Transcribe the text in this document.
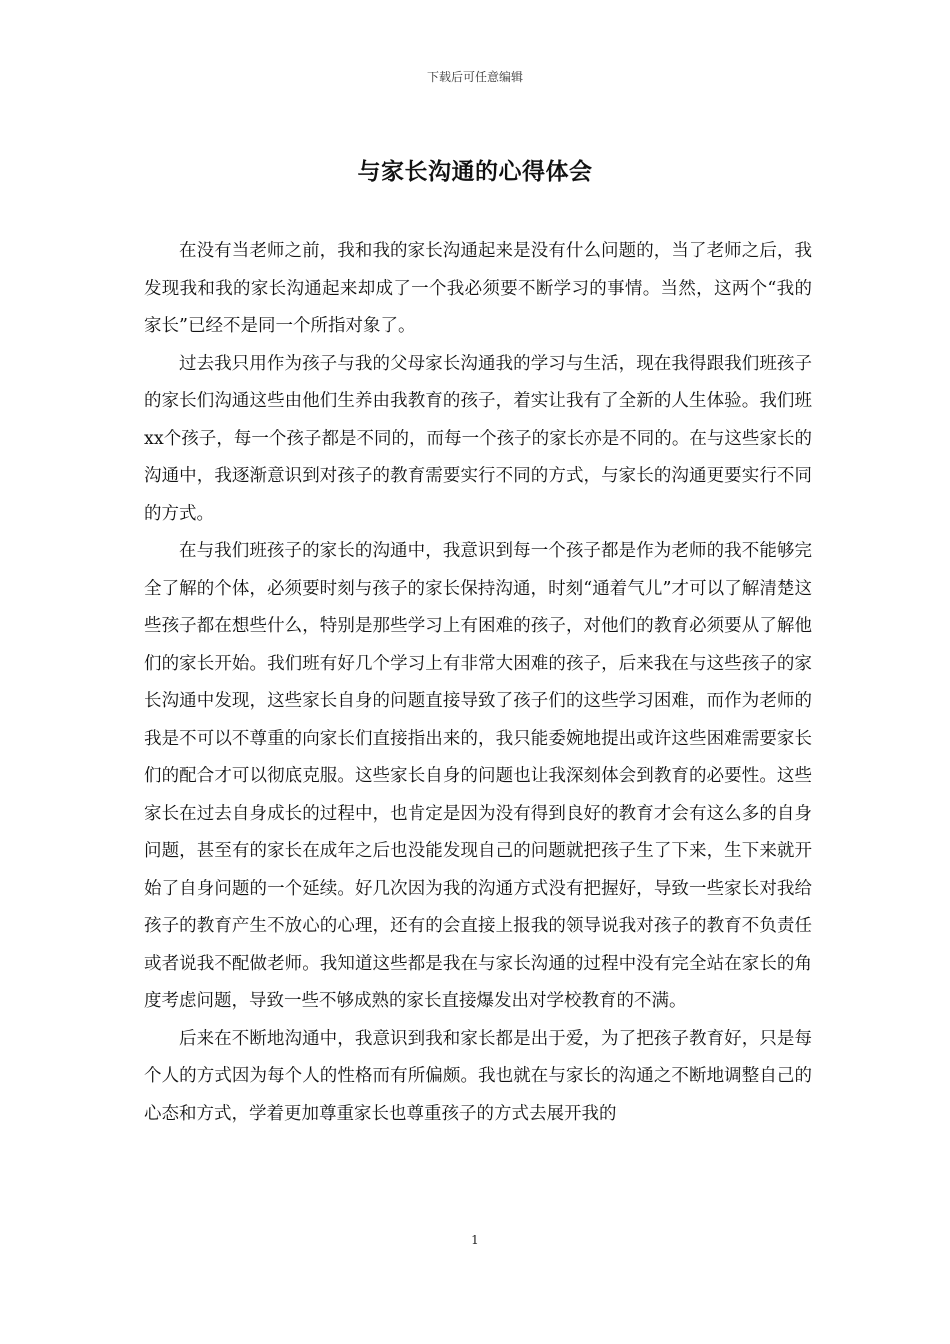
下载后可任意编辑
与家长沟通的心得体会

在没有当老师之前，我和我的家长沟通起来是没有什么问题的，当了老师之后，我发现我和我的家长沟通起来却成了一个我必须要不断学习的事情。当然，这两个“我的家长”已经不是同一个所指对象了。

过去我只用作为孩子与我的父母家长沟通我的学习与生活，现在我得跟我们班孩子的家长们沟通这些由他们生养由我教育的孩子，着实让我有了全新的人生体验。我们班xx个孩子，每一个孩子都是不同的，而每一个孩子的家长亦是不同的。在与这些家长的沟通中，我逐渐意识到对孩子的教育需要实行不同的方式，与家长的沟通更要实行不同的方式。

在与我们班孩子的家长的沟通中，我意识到每一个孩子都是作为老师的我不能够完全了解的个体，必须要时刻与孩子的家长保持沟通，时刻“通着气儿”才可以了解清楚这些孩子都在想些什么，特别是那些学习上有困难的孩子，对他们的教育必须要从了解他们的家长开始。我们班有好几个学习上有非常大困难的孩子，后来我在与这些孩子的家长沟通中发现，这些家长自身的问题直接导致了孩子们的这些学习困难，而作为老师的我是不可以不尊重的向家长们直接指出来的，我只能委婉地提出或许这些困难需要家长们的配合才可以彻底克服。这些家长自身的问题也让我深刻体会到教育的必要性。这些家长在过去自身成长的过程中，也肯定是因为没有得到良好的教育才会有这么多的自身问题，甚至有的家长在成年之后也没能发现自己的问题就把孩子生了下来，生下来就开始了自身问题的一个延续。好几次因为我的沟通方式没有把握好，导致一些家长对我给孩子的教育产生不放心的心理，还有的会直接上报我的领导说我对孩子的教育不负责任或者说我不配做老师。我知道这些都是我在与家长沟通的过程中没有完全站在家长的角度考虑问题，导致一些不够成熟的家长直接爆发出对学校教育的不满。

后来在不断地沟通中，我意识到我和家长都是出于爱，为了把孩子教育好，只是每个人的方式因为每个人的性格而有所偏颇。我也就在与家长的沟通之不断地调整自己的心态和方式，学着更加尊重家长也尊重孩子的方式去展开我的

1
